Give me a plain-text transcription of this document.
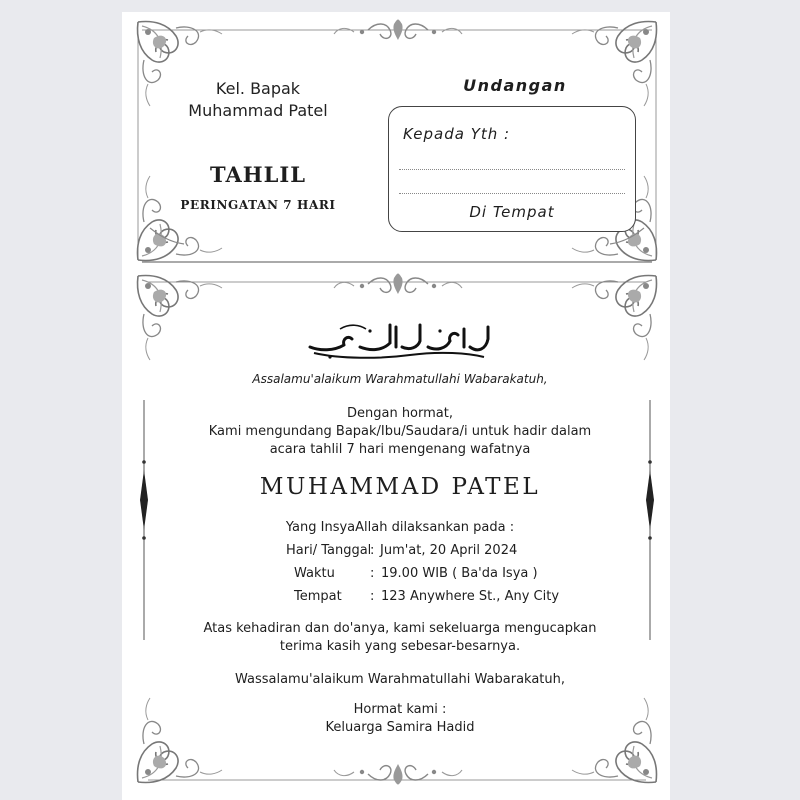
Kel. Bapak
Muhammad Patel
TAHLIL
PERINGATAN 7 HARI
Undangan
Kepada Yth :
Di Tempat
Assalamu'alaikum Warahmatullahi Wabarakatuh,
Dengan hormat,
Kami mengundang Bapak/Ibu/Saudara/i untuk hadir dalam
acara tahlil 7 hari mengenang wafatnya
MUHAMMAD PATEL
Yang InsyaAllah dilaksankan pada :
Hari/ Tanggal
: Jum'at, 20 April 2024
Waktu	: 19.00 WIB ( Ba'da Isya )
Tempat : 123 Anywhere St., Any City
Atas kehadiran dan do'anya, kami sekeluarga mengucapkan
terima kasih yang sebesar-besarnya.
Wassalamu'alaikum Warahmatullahi Wabarakatuh,
Hormat kami :
Keluarga Samira Hadid
